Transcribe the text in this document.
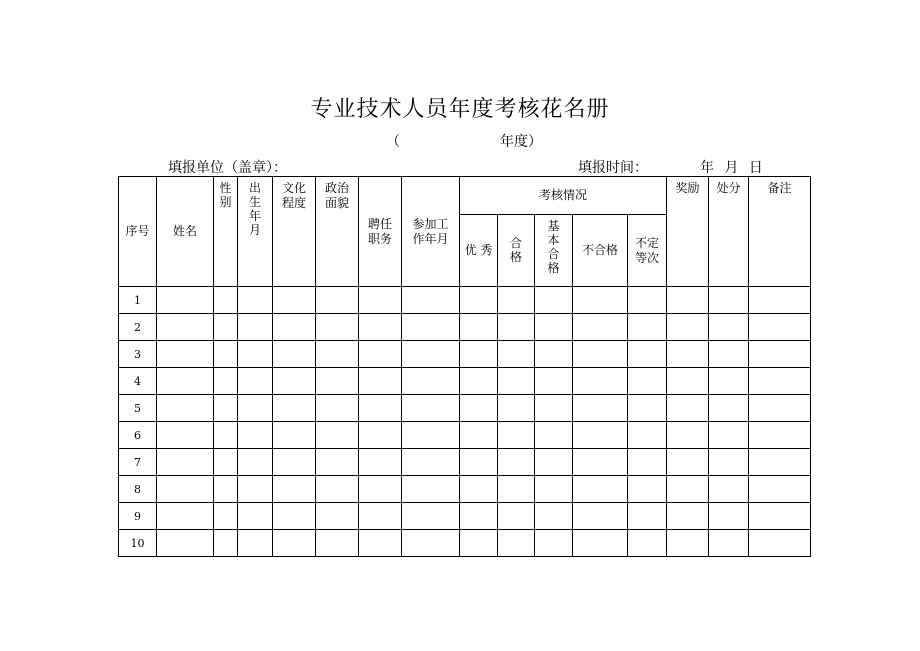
专业技术人员年度考核花名册
（	年度）
填报单位（盖章）：	填报时间：	年 月 日
序号	姓名	性别	出生年月	文化程度	政治面貌	聘任职务	参加工作年月	考核情况					奖励	处分	备注
								优 秀	合格	基本合格	不合格	不定等次			
1															
2															
3															
4															
5															
6															
7															
8															
9															
10															
